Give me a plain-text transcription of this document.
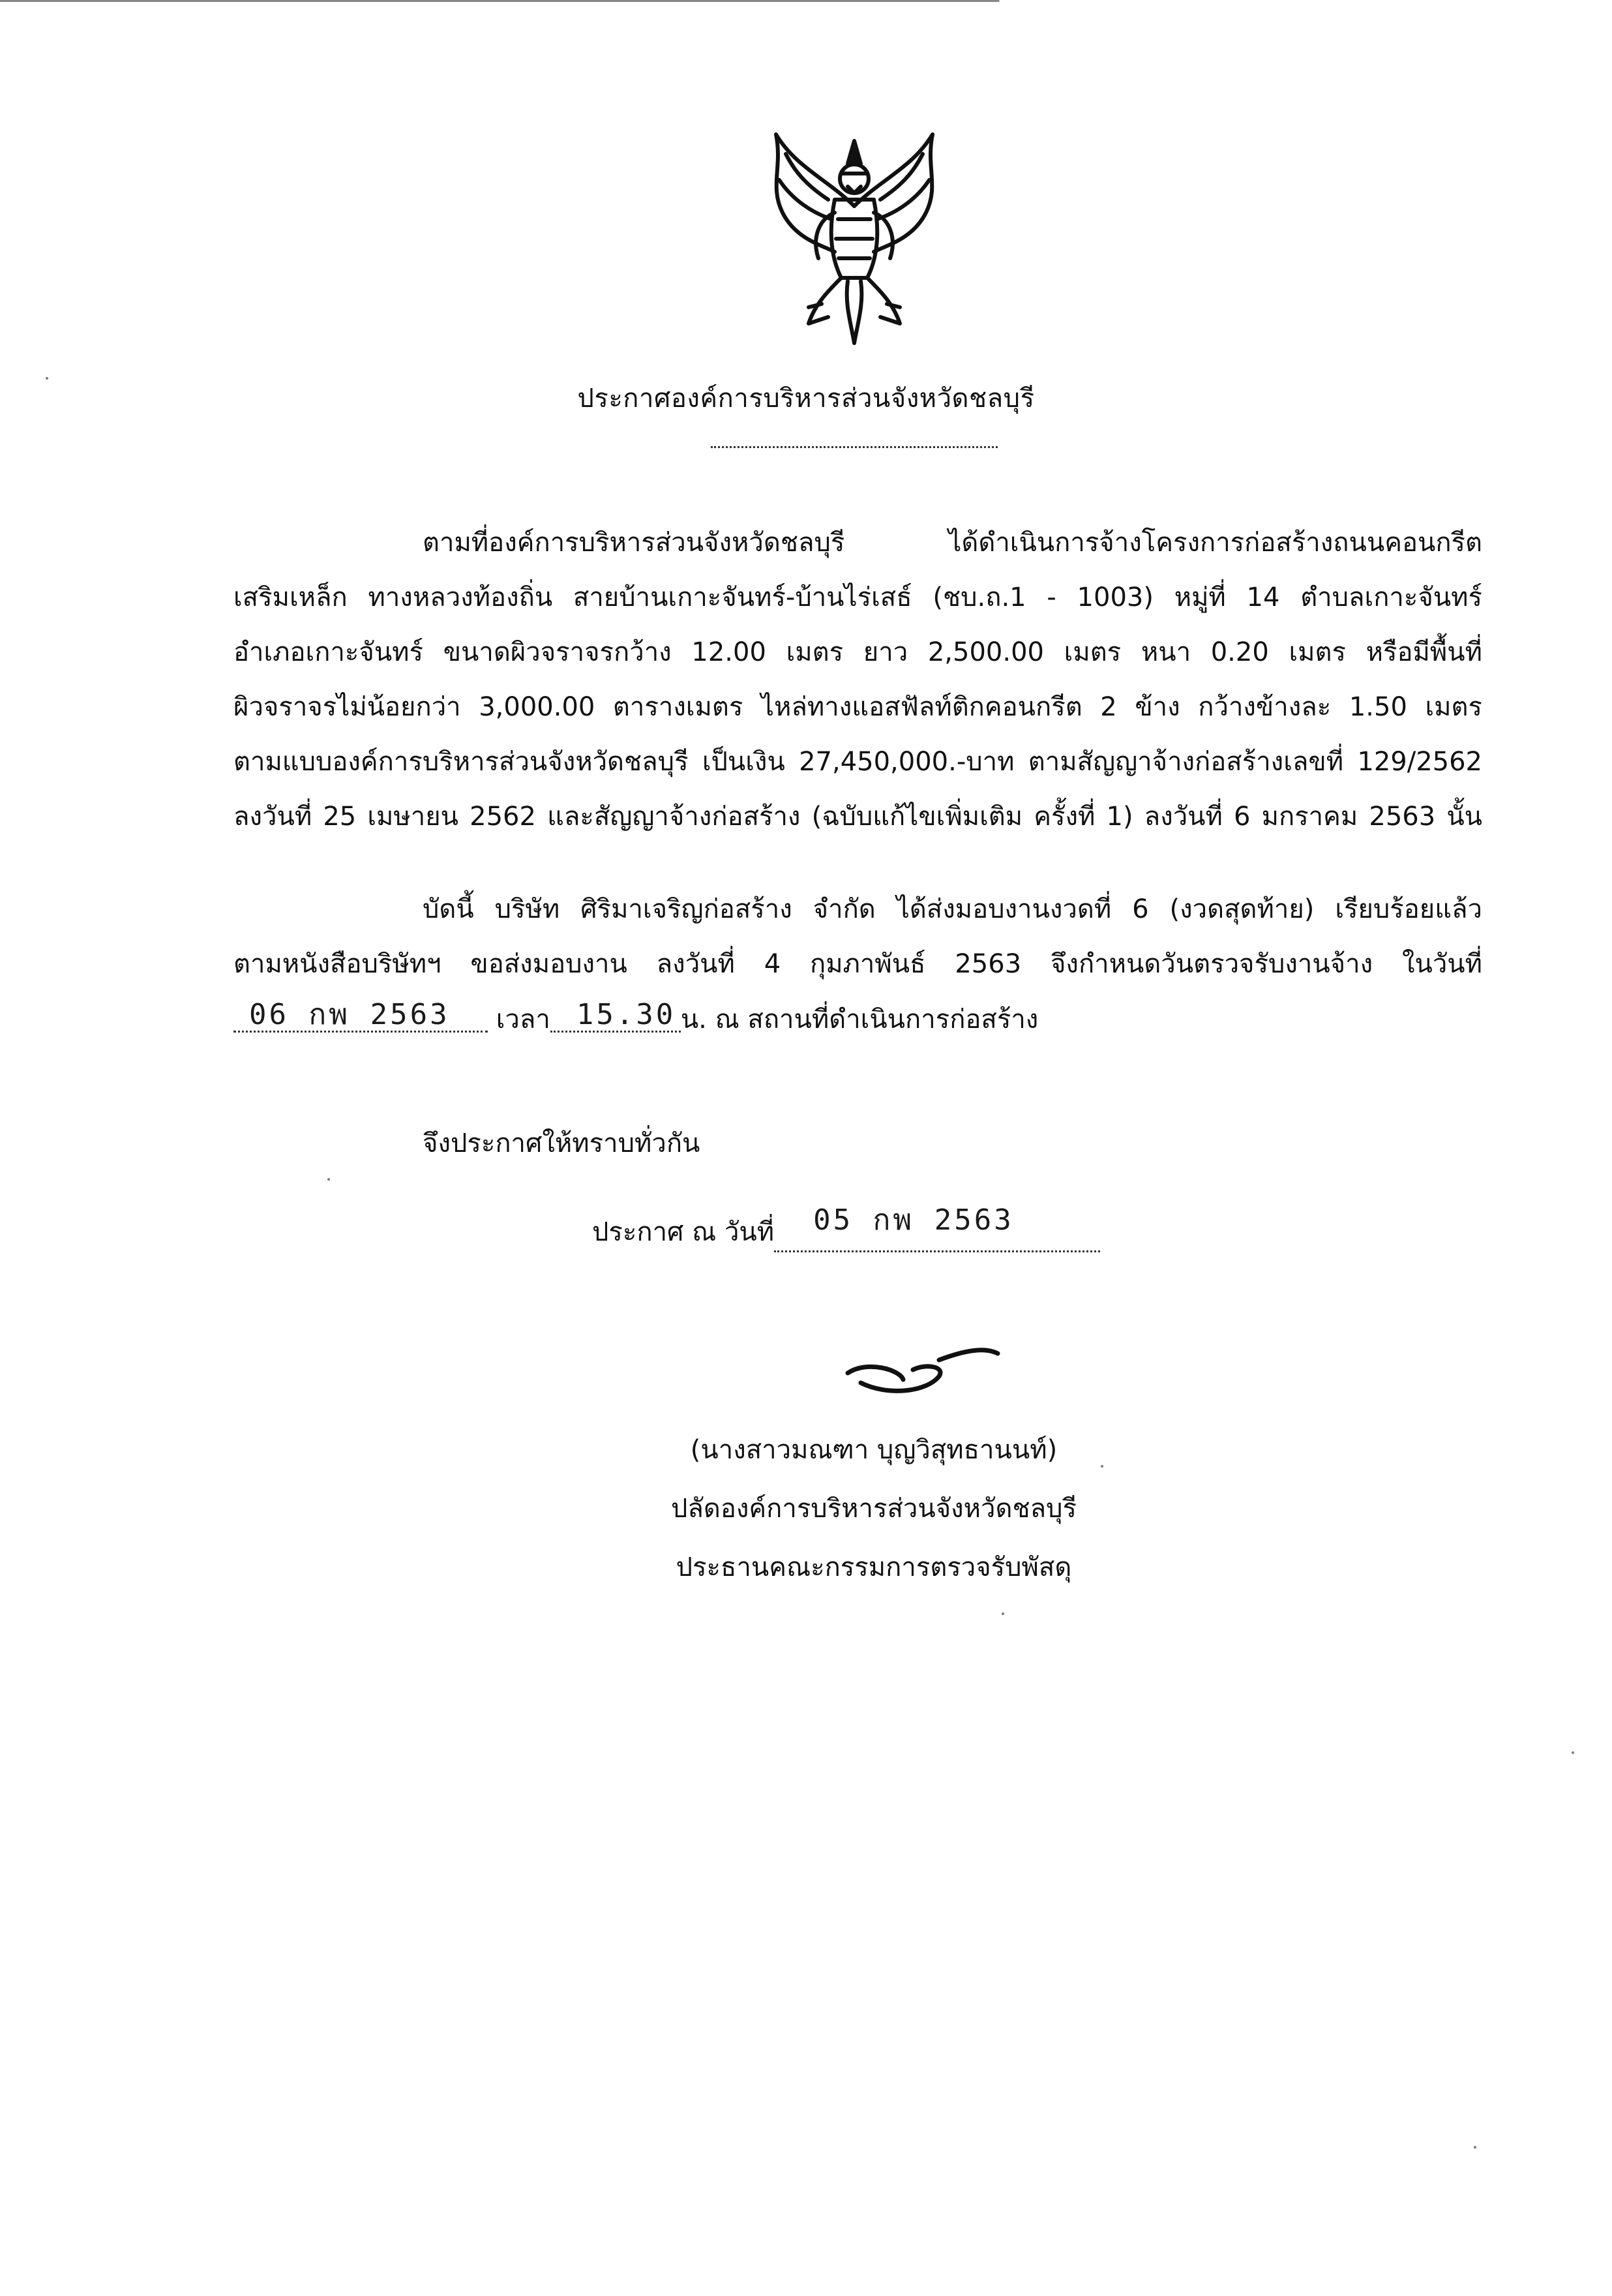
ประกาศองค์การบริหารส่วนจังหวัดชลบุรี
ตามที่องค์การบริหารส่วนจังหวัดชลบุรี ได้ดำเนินการจ้างโครงการก่อสร้างถนนคอนกรีต
เสริมเหล็ก ทางหลวงท้องถิ่น สายบ้านเกาะจันทร์-บ้านไร่เสธ์ (ชบ.ถ.1 - 1003) หมู่ที่ 14 ตำบลเกาะจันทร์
อำเภอเกาะจันทร์ ขนาดผิวจราจรกว้าง 12.00 เมตร ยาว 2,500.00 เมตร หนา 0.20 เมตร หรือมีพื้นที่
ผิวจราจรไม่น้อยกว่า 3,000.00 ตารางเมตร ไหล่ทางแอสฟัลท์ติกคอนกรีต 2 ข้าง กว้างข้างละ 1.50 เมตร
ตามแบบองค์การบริหารส่วนจังหวัดชลบุรี เป็นเงิน 27,450,000.-บาท ตามสัญญาจ้างก่อสร้างเลขที่ 129/2562
ลงวันที่ 25 เมษายน 2562 และสัญญาจ้างก่อสร้าง (ฉบับแก้ไขเพิ่มเติม ครั้งที่ 1) ลงวันที่ 6 มกราคม 2563 นั้น
บัดนี้ บริษัท ศิริมาเจริญก่อสร้าง จำกัด ได้ส่งมอบงานงวดที่ 6 (งวดสุดท้าย) เรียบร้อยแล้ว
ตามหนังสือบริษัทฯ ขอส่งมอบงาน ลงวันที่ 4 กุมภาพันธ์ 2563 จึงกำหนดวันตรวจรับงานจ้าง ในวันที่
06 กพ 2563 เวลา 15.30 น. ณ สถานที่ดำเนินการก่อสร้าง
จึงประกาศให้ทราบทั่วกัน
ประกาศ ณ วันที่ 05 กพ 2563
(นางสาวมณฑา บุญวิสุทธานนท์)
ปลัดองค์การบริหารส่วนจังหวัดชลบุรี
ประธานคณะกรรมการตรวจรับพัสดุ
